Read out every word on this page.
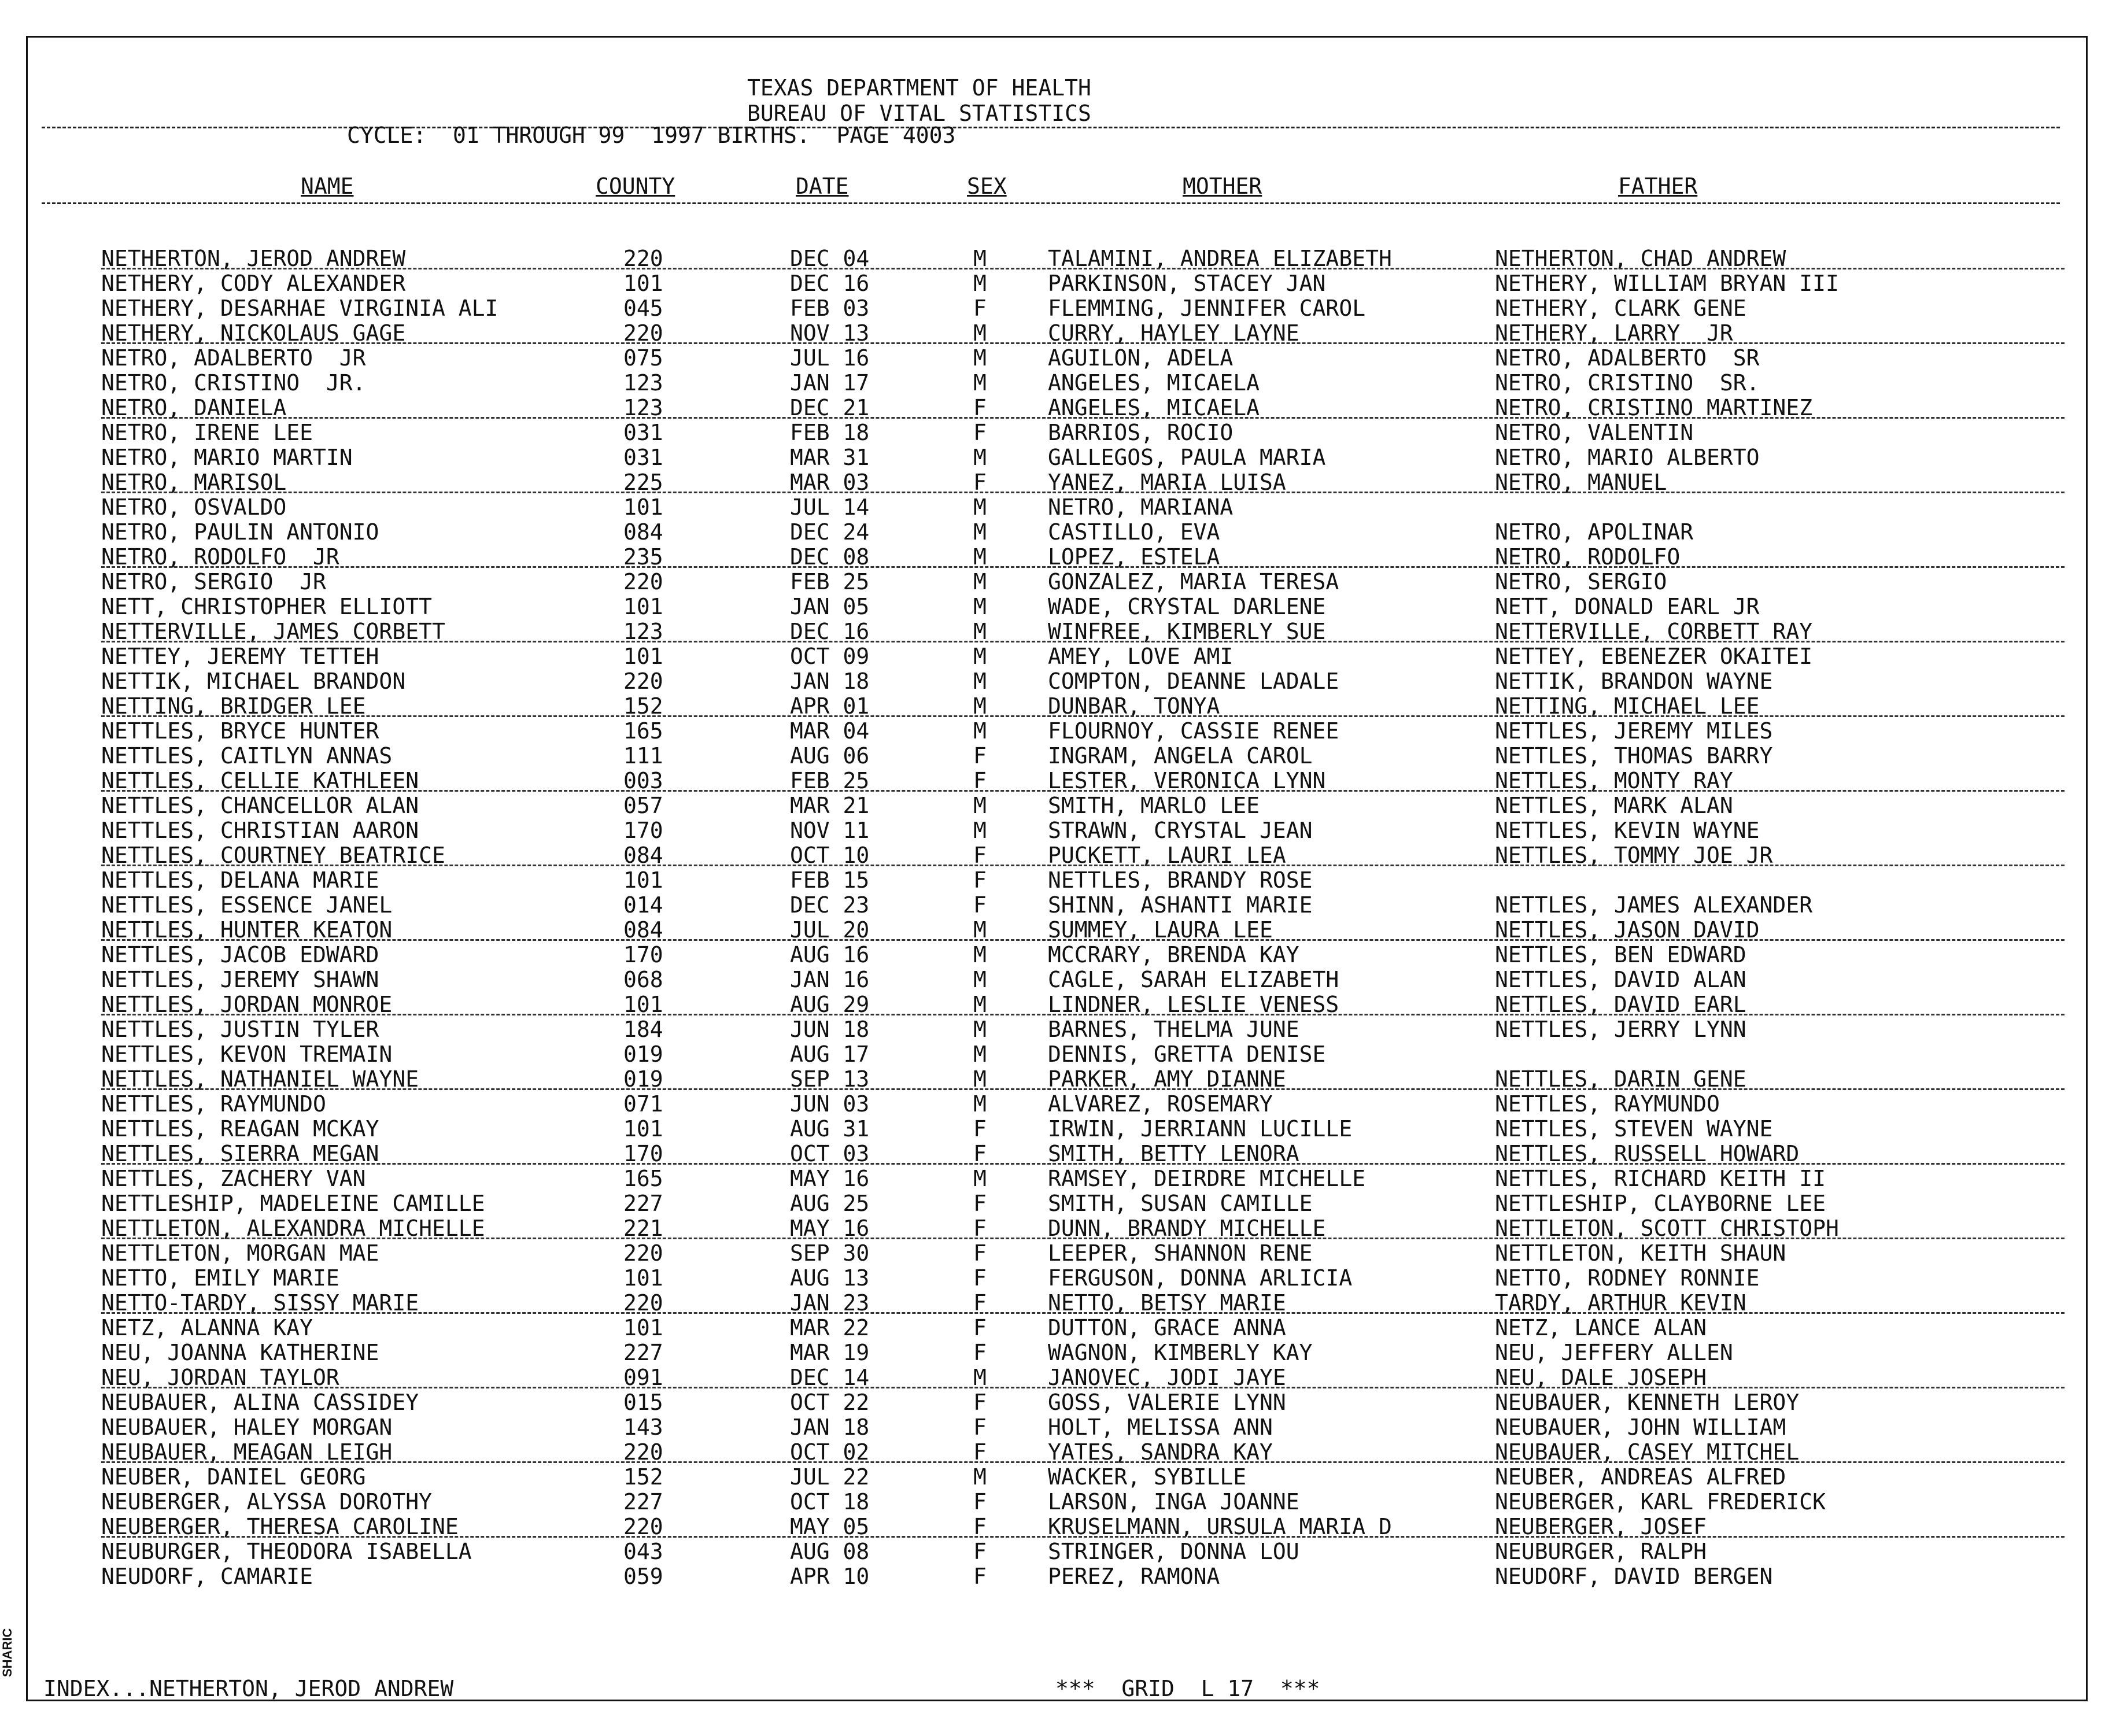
SHARIC
TEXAS DEPARTMENT OF HEALTH
BUREAU OF VITAL STATISTICS
CYCLE:  01 THROUGH 99  1997 BIRTHS.  PAGE 4003
NAME	COUNTY	DATE	SEX	MOTHER	FATHER
NETHERTON, JEROD ANDREW	220	DEC 04	M	TALAMINI, ANDREA ELIZABETH	NETHERTON, CHAD ANDREW
NETHERY, CODY ALEXANDER	101	DEC 16	M	PARKINSON, STACEY JAN	NETHERY, WILLIAM BRYAN III
NETHERY, DESARHAE VIRGINIA ALI	045	FEB 03	F	FLEMMING, JENNIFER CAROL	NETHERY, CLARK GENE
NETHERY, NICKOLAUS GAGE	220	NOV 13	M	CURRY, HAYLEY LAYNE	NETHERY, LARRY  JR
NETRO, ADALBERTO  JR	075	JUL 16	M	AGUILON, ADELA	NETRO, ADALBERTO  SR
NETRO, CRISTINO  JR.	123	JAN 17	M	ANGELES, MICAELA	NETRO, CRISTINO  SR.
NETRO, DANIELA	123	DEC 21	F	ANGELES, MICAELA	NETRO, CRISTINO MARTINEZ
NETRO, IRENE LEE	031	FEB 18	F	BARRIOS, ROCIO	NETRO, VALENTIN
NETRO, MARIO MARTIN	031	MAR 31	M	GALLEGOS, PAULA MARIA	NETRO, MARIO ALBERTO
NETRO, MARISOL	225	MAR 03	F	YANEZ, MARIA LUISA	NETRO, MANUEL
NETRO, OSVALDO	101	JUL 14	M	NETRO, MARIANA
NETRO, PAULIN ANTONIO	084	DEC 24	M	CASTILLO, EVA	NETRO, APOLINAR
NETRO, RODOLFO  JR	235	DEC 08	M	LOPEZ, ESTELA	NETRO, RODOLFO
NETRO, SERGIO  JR	220	FEB 25	M	GONZALEZ, MARIA TERESA	NETRO, SERGIO
NETT, CHRISTOPHER ELLIOTT	101	JAN 05	M	WADE, CRYSTAL DARLENE	NETT, DONALD EARL JR
NETTERVILLE, JAMES CORBETT	123	DEC 16	M	WINFREE, KIMBERLY SUE	NETTERVILLE, CORBETT RAY
NETTEY, JEREMY TETTEH	101	OCT 09	M	AMEY, LOVE AMI	NETTEY, EBENEZER OKAITEI
NETTIK, MICHAEL BRANDON	220	JAN 18	M	COMPTON, DEANNE LADALE	NETTIK, BRANDON WAYNE
NETTING, BRIDGER LEE	152	APR 01	M	DUNBAR, TONYA	NETTING, MICHAEL LEE
NETTLES, BRYCE HUNTER	165	MAR 04	M	FLOURNOY, CASSIE RENEE	NETTLES, JEREMY MILES
NETTLES, CAITLYN ANNAS	111	AUG 06	F	INGRAM, ANGELA CAROL	NETTLES, THOMAS BARRY
NETTLES, CELLIE KATHLEEN	003	FEB 25	F	LESTER, VERONICA LYNN	NETTLES, MONTY RAY
NETTLES, CHANCELLOR ALAN	057	MAR 21	M	SMITH, MARLO LEE	NETTLES, MARK ALAN
NETTLES, CHRISTIAN AARON	170	NOV 11	M	STRAWN, CRYSTAL JEAN	NETTLES, KEVIN WAYNE
NETTLES, COURTNEY BEATRICE	084	OCT 10	F	PUCKETT, LAURI LEA	NETTLES, TOMMY JOE JR
NETTLES, DELANA MARIE	101	FEB 15	F	NETTLES, BRANDY ROSE
NETTLES, ESSENCE JANEL	014	DEC 23	F	SHINN, ASHANTI MARIE	NETTLES, JAMES ALEXANDER
NETTLES, HUNTER KEATON	084	JUL 20	M	SUMMEY, LAURA LEE	NETTLES, JASON DAVID
NETTLES, JACOB EDWARD	170	AUG 16	M	MCCRARY, BRENDA KAY	NETTLES, BEN EDWARD
NETTLES, JEREMY SHAWN	068	JAN 16	M	CAGLE, SARAH ELIZABETH	NETTLES, DAVID ALAN
NETTLES, JORDAN MONROE	101	AUG 29	M	LINDNER, LESLIE VENESS	NETTLES, DAVID EARL
NETTLES, JUSTIN TYLER	184	JUN 18	M	BARNES, THELMA JUNE	NETTLES, JERRY LYNN
NETTLES, KEVON TREMAIN	019	AUG 17	M	DENNIS, GRETTA DENISE
NETTLES, NATHANIEL WAYNE	019	SEP 13	M	PARKER, AMY DIANNE	NETTLES, DARIN GENE
NETTLES, RAYMUNDO	071	JUN 03	M	ALVAREZ, ROSEMARY	NETTLES, RAYMUNDO
NETTLES, REAGAN MCKAY	101	AUG 31	F	IRWIN, JERRIANN LUCILLE	NETTLES, STEVEN WAYNE
NETTLES, SIERRA MEGAN	170	OCT 03	F	SMITH, BETTY LENORA	NETTLES, RUSSELL HOWARD
NETTLES, ZACHERY VAN	165	MAY 16	M	RAMSEY, DEIRDRE MICHELLE	NETTLES, RICHARD KEITH II
NETTLESHIP, MADELEINE CAMILLE	227	AUG 25	F	SMITH, SUSAN CAMILLE	NETTLESHIP, CLAYBORNE LEE
NETTLETON, ALEXANDRA MICHELLE	221	MAY 16	F	DUNN, BRANDY MICHELLE	NETTLETON, SCOTT CHRISTOPH
NETTLETON, MORGAN MAE	220	SEP 30	F	LEEPER, SHANNON RENE	NETTLETON, KEITH SHAUN
NETTO, EMILY MARIE	101	AUG 13	F	FERGUSON, DONNA ARLICIA	NETTO, RODNEY RONNIE
NETTO-TARDY, SISSY MARIE	220	JAN 23	F	NETTO, BETSY MARIE	TARDY, ARTHUR KEVIN
NETZ, ALANNA KAY	101	MAR 22	F	DUTTON, GRACE ANNA	NETZ, LANCE ALAN
NEU, JOANNA KATHERINE	227	MAR 19	F	WAGNON, KIMBERLY KAY	NEU, JEFFERY ALLEN
NEU, JORDAN TAYLOR	091	DEC 14	M	JANOVEC, JODI JAYE	NEU, DALE JOSEPH
NEUBAUER, ALINA CASSIDEY	015	OCT 22	F	GOSS, VALERIE LYNN	NEUBAUER, KENNETH LEROY
NEUBAUER, HALEY MORGAN	143	JAN 18	F	HOLT, MELISSA ANN	NEUBAUER, JOHN WILLIAM
NEUBAUER, MEAGAN LEIGH	220	OCT 02	F	YATES, SANDRA KAY	NEUBAUER, CASEY MITCHEL
NEUBER, DANIEL GEORG	152	JUL 22	M	WACKER, SYBILLE	NEUBER, ANDREAS ALFRED
NEUBERGER, ALYSSA DOROTHY	227	OCT 18	F	LARSON, INGA JOANNE	NEUBERGER, KARL FREDERICK
NEUBERGER, THERESA CAROLINE	220	MAY 05	F	KRUSELMANN, URSULA MARIA D	NEUBERGER, JOSEF
NEUBURGER, THEODORA ISABELLA	043	AUG 08	F	STRINGER, DONNA LOU	NEUBURGER, RALPH
NEUDORF, CAMARIE	059	APR 10	F	PEREZ, RAMONA	NEUDORF, DAVID BERGEN
INDEX...NETHERTON, JEROD ANDREW	***  GRID  L 17  ***
